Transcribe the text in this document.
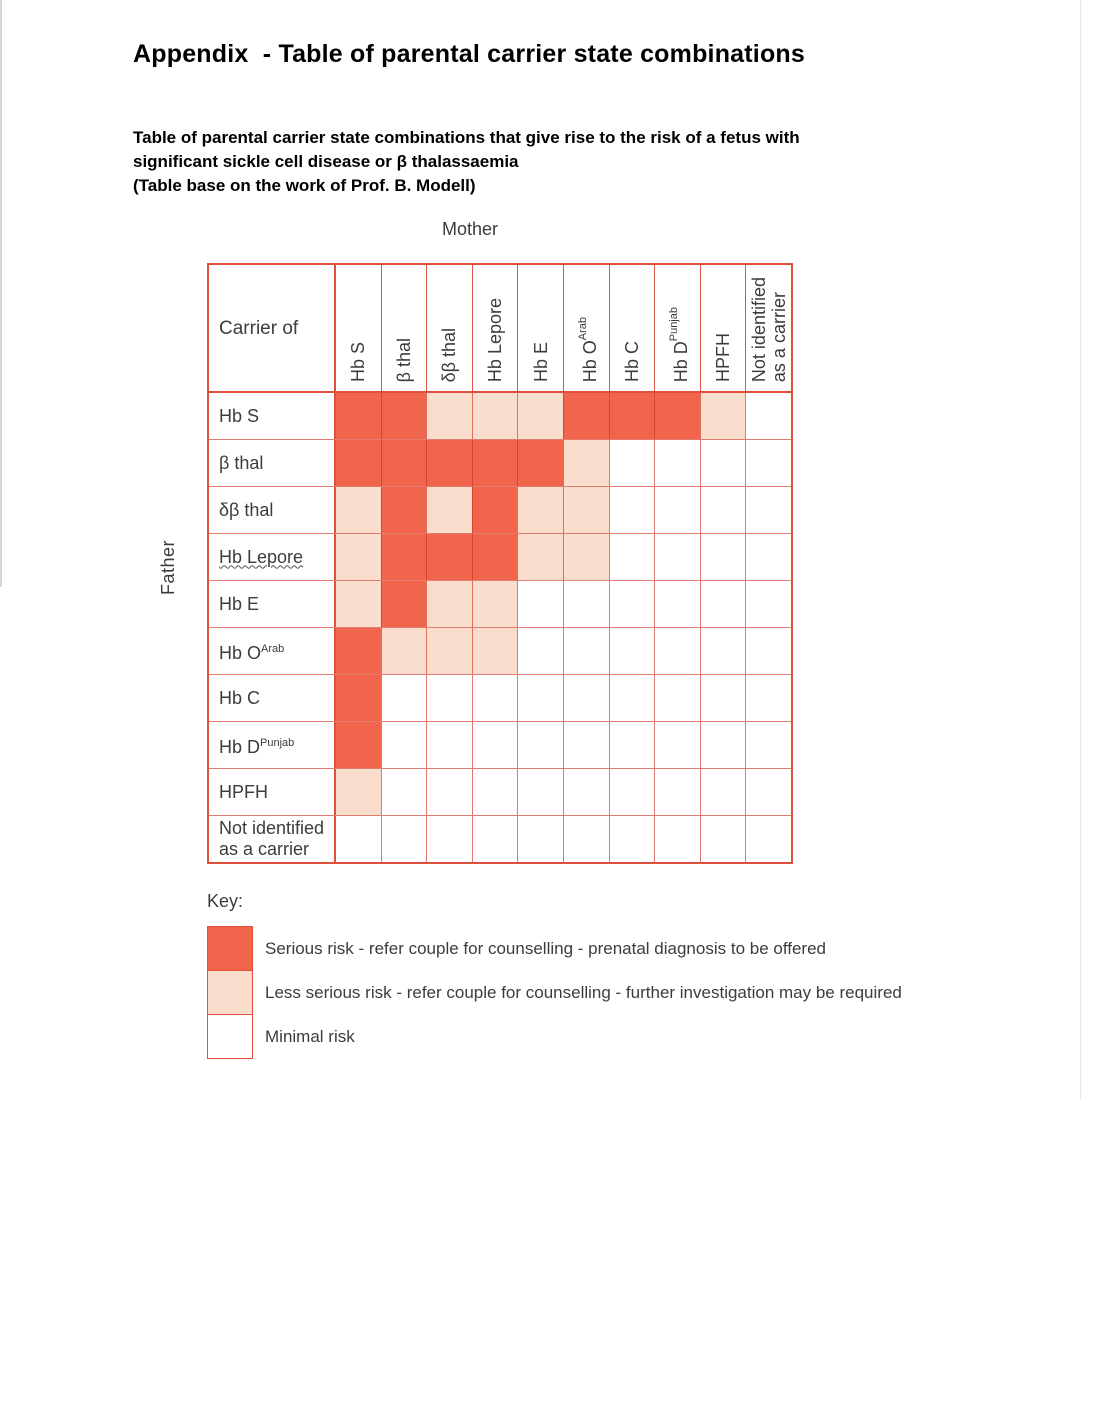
Appendix  - Table of parental carrier state combinations
Table of parental carrier state combinations that give rise to the risk of a fetus with
significant sickle cell disease or β thalassaemia
(Table base on the work of Prof. B. Modell)
Mother
Father
Carrier of
Hb S β thal δβ thal Hb Lepore Hb E	Hb $O^{Arab}$
Hb C	Hb $D^{Punjab}$
HPFH Not identified
as a carrier
Hb S
β thal
δβ thal
Hb Lepore
Hb E
Hb $O^{Arab}$
Hb C
Hb $D^{Punjab}$
HPFH
Not identified
as a carrier
Key:
Serious risk - refer couple for counselling - prenatal diagnosis to be offered
Less serious risk - refer couple for counselling - further investigation may be required
Minimal risk
